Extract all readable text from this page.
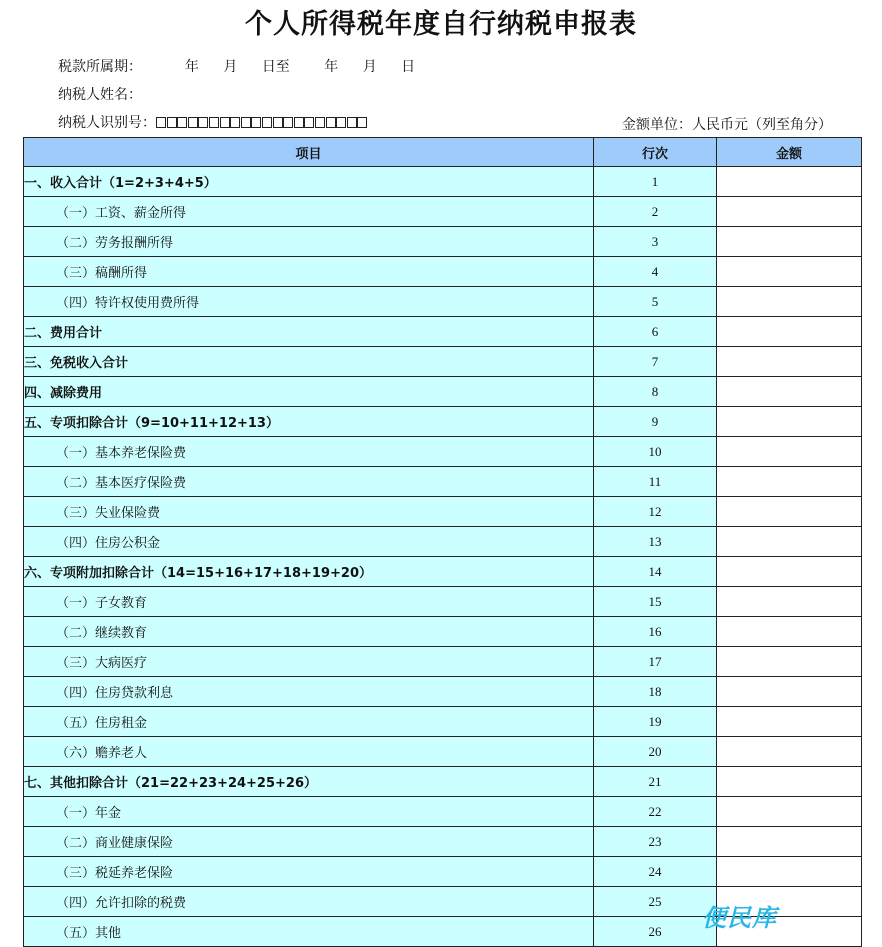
个人所得税年度自行纳税申报表
税款所属期：	年 月 日至 年 月 日
纳税人姓名：
纳税人识别号：	金额单位：人民币元（列至角分）
项目	行次	金额
一、收入合计（1=2+3+4+5）	1	
（一）工资、薪金所得	2	
（二）劳务报酬所得	3	
（三）稿酬所得	4	
（四）特许权使用费所得	5	
二、费用合计	6	
三、免税收入合计	7	
四、减除费用	8	
五、专项扣除合计（9=10+11+12+13）	9	
（一）基本养老保险费	10	
（二）基本医疗保险费	11	
（三）失业保险费	12	
（四）住房公积金	13	
六、专项附加扣除合计（14=15+16+17+18+19+20）	14	
（一）子女教育	15	
（二）继续教育	16	
（三）大病医疗	17	
（四）住房贷款利息	18	
（五）住房租金	19	
（六）赡养老人	20	
七、其他扣除合计（21=22+23+24+25+26）	21	
（一）年金	22	
（二）商业健康保险	23	
（三）税延养老保险	24	
（四）允许扣除的税费	25	
（五）其他	26	便民库
